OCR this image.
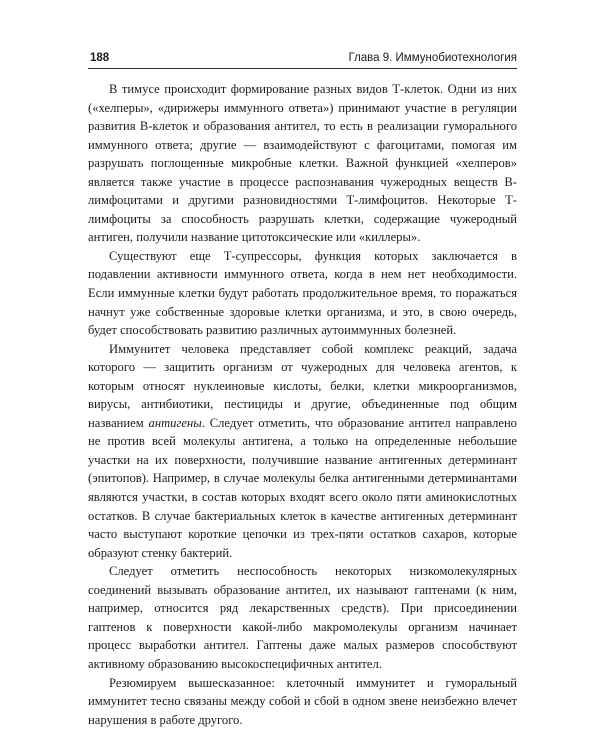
188	Глава 9. Иммунобиотехнология

В тимусе происходит формирование разных видов Т-клеток. Одни из них («хелперы», «дирижеры иммунного ответа») принимают участие в регуляции развития В-клеток и образования антител, то есть в реализации гуморального иммунного ответа; другие — взаимодействуют с фагоцитами, помогая им разрушать поглощенные микробные клетки. Важной функцией «хелперов» является также участие в процессе распознавания чужеродных веществ В-лимфоцитами и другими разновидностями Т-лимфоцитов. Некоторые Т-лимфоциты за способность разрушать клетки, содержащие чужеродный антиген, получили название цитотоксические или «киллеры».

Существуют еще Т-супрессоры, функция которых заключается в подавлении активности иммунного ответа, когда в нем нет необходимости. Если иммунные клетки будут работать продолжительное время, то поражаться начнут уже собственные здоровые клетки организма, и это, в свою очередь, будет способствовать развитию различных аутоиммунных болезней.

Иммунитет человека представляет собой комплекс реакций, задача которого — защитить организм от чужеродных для человека агентов, к которым относят нуклеиновые кислоты, белки, клетки микроорганизмов, вирусы, антибиотики, пестициды и другие, объединенные под общим названием антигены. Следует отметить, что образование антител направлено не против всей молекулы антигена, а только на определенные небольшие участки на их поверхности, получившие название антигенных детерминант (эпитопов). Например, в случае молекулы белка антигенными детерминантами являются участки, в состав которых входят всего около пяти аминокислотных остатков. В случае бактериальных клеток в качестве антигенных детерминант часто выступают короткие цепочки из трех-пяти остатков сахаров, которые образуют стенку бактерий.

Следует отметить неспособность некоторых низкомолекулярных соединений вызывать образование антител, их называют гаптенами (к ним, например, относится ряд лекарственных средств). При присоединении гаптенов к поверхности какой-либо макромолекулы организм начинает процесс выработки антител. Гаптены даже малых размеров способствуют активному образованию высокоспецифичных антител.

Резюмируем вышесказанное: клеточный иммунитет и гуморальный иммунитет тесно связаны между собой и сбой в одном звене неизбежно влечет нарушения в работе другого.
